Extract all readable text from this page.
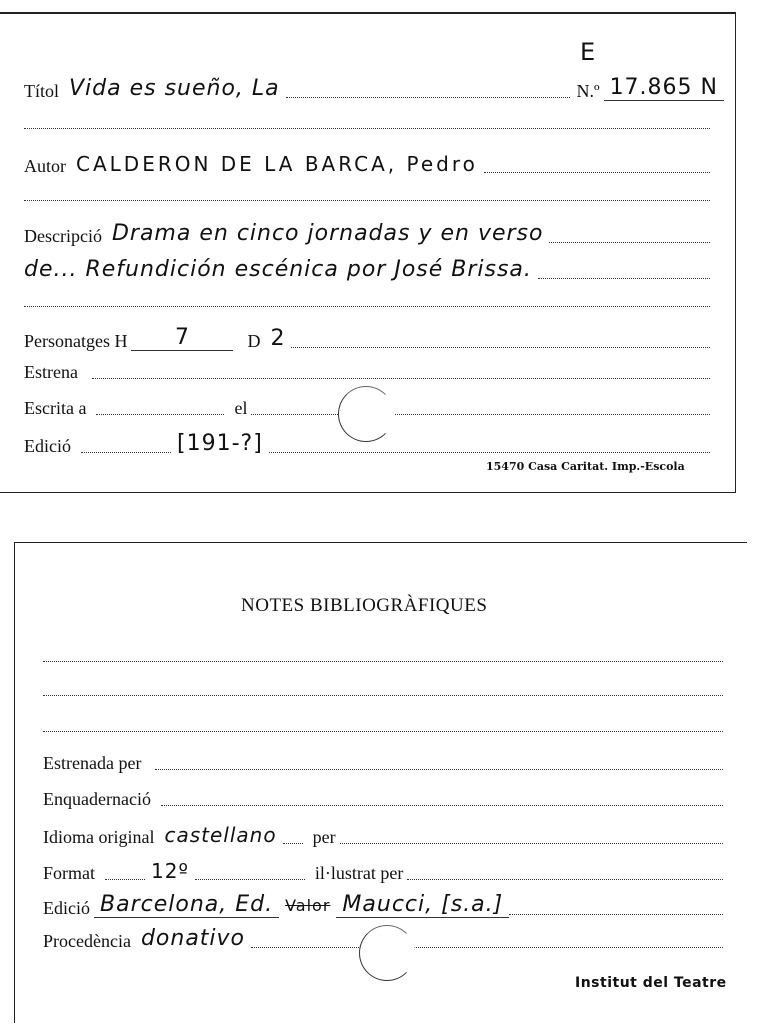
Títol Vida es sueño, La	N.º 17.865 N
E
Autor CALDERON DE LA BARCA, Pedro
Descripció Drama en cinco jornadas y en verso
de... Refundición escénica por José Brissa.
Personatges H	7	D 2
Estrena
Escrita a	el
Edició	[191-?]
15470 Casa Caritat. Imp.-Escola
NOTES BIBLIOGRÀFIQUES
Estrenada per
Enquadernació
Idioma original castellano	per
Format	12º	il·lustrat per
Edició Barcelona, Ed. Valor Maucci, [s.a.]
Procedència donativo
Institut del Teatre
